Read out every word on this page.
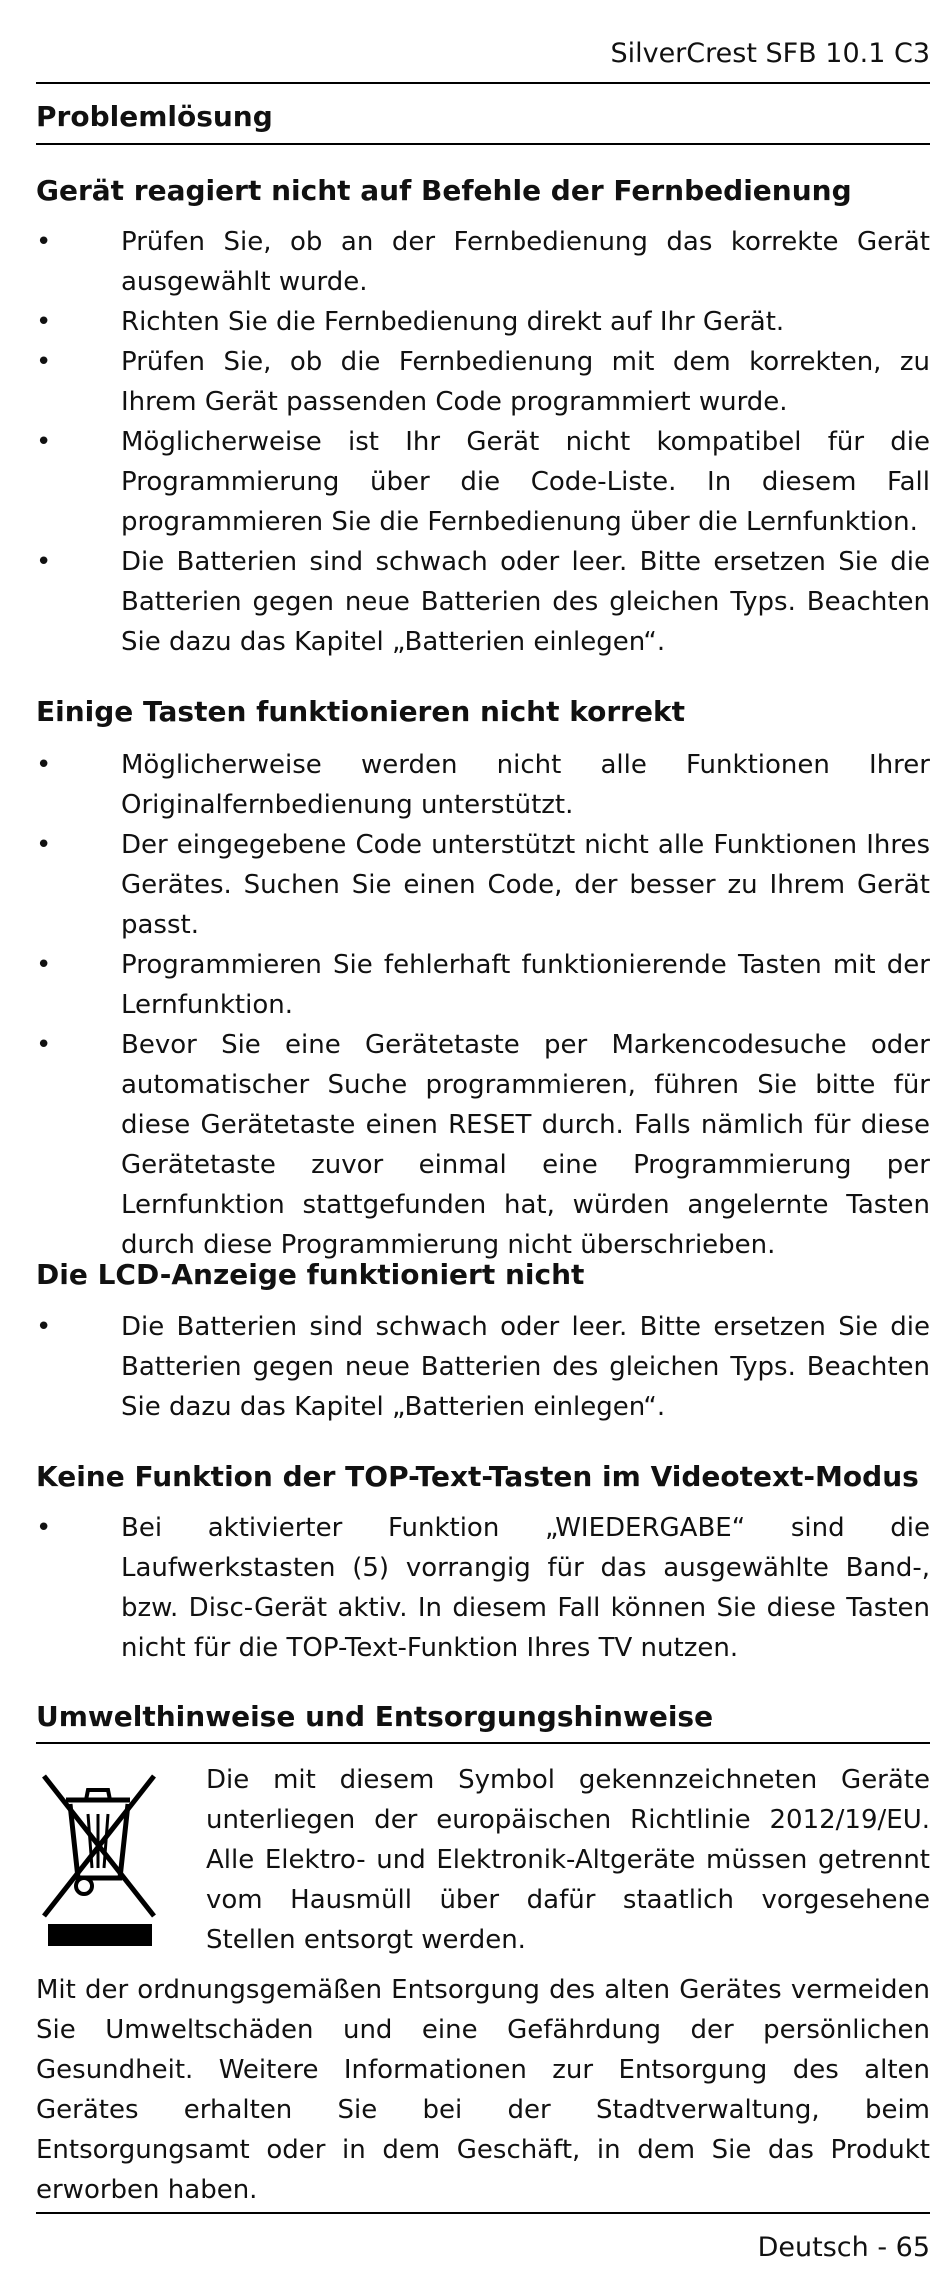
SilverCrest SFB 10.1 C3
Problemlösung
Gerät reagiert nicht auf Befehle der Fernbedienung
•	Prüfen Sie, ob an der Fernbedienung das korrekte Gerät ausgewählt wurde.
•	Richten Sie die Fernbedienung direkt auf Ihr Gerät.
•	Prüfen Sie, ob die Fernbedienung mit dem korrekten, zu Ihrem Gerät passenden Code programmiert wurde.
•	Möglicherweise ist Ihr Gerät nicht kompatibel für die Programmierung über die Code-Liste. In diesem Fall programmieren Sie die Fernbedienung über die Lernfunktion.
•	Die Batterien sind schwach oder leer. Bitte ersetzen Sie die Batterien gegen neue Batterien des gleichen Typs. Beachten Sie dazu das Kapitel „Batterien einlegen“.
Einige Tasten funktionieren nicht korrekt
•	Möglicherweise werden nicht alle Funktionen Ihrer Originalfernbedienung unterstützt.
•	Der eingegebene Code unterstützt nicht alle Funktionen Ihres Gerätes. Suchen Sie einen Code, der besser zu Ihrem Gerät passt.
•	Programmieren Sie fehlerhaft funktionierende Tasten mit der Lernfunktion.
•	Bevor Sie eine Gerätetaste per Markencodesuche oder automatischer Suche programmieren, führen Sie bitte für diese Gerätetaste einen RESET durch. Falls nämlich für diese Gerätetaste zuvor einmal eine Programmierung per Lernfunktion stattgefunden hat, würden angelernte Tasten durch diese Programmierung nicht überschrieben.
Die LCD-Anzeige funktioniert nicht
•	Die Batterien sind schwach oder leer. Bitte ersetzen Sie die Batterien gegen neue Batterien des gleichen Typs. Beachten Sie dazu das Kapitel „Batterien einlegen“.
Keine Funktion der TOP-Text-Tasten im Videotext-Modus
•	Bei aktivierter Funktion „WIEDERGABE“ sind die Laufwerkstasten (5) vorrangig für das ausgewählte Band-, bzw. Disc-Gerät aktiv. In diesem Fall können Sie diese Tasten nicht für die TOP-Text-Funktion Ihres TV nutzen.
Umwelthinweise und Entsorgungshinweise
Die mit diesem Symbol gekennzeichneten Geräte unterliegen der europäischen Richtlinie 2012/19/EU. Alle Elektro- und Elektronik-Altgeräte müssen getrennt vom Hausmüll über dafür staatlich vorgesehene Stellen entsorgt werden.
Mit der ordnungsgemäßen Entsorgung des alten Gerätes vermeiden Sie Umweltschäden und eine Gefährdung der persönlichen Gesundheit. Weitere Informationen zur Entsorgung des alten Gerätes erhalten Sie bei der Stadtverwaltung, beim Entsorgungsamt oder in dem Geschäft, in dem Sie das Produkt erworben haben.
Deutsch - 65
